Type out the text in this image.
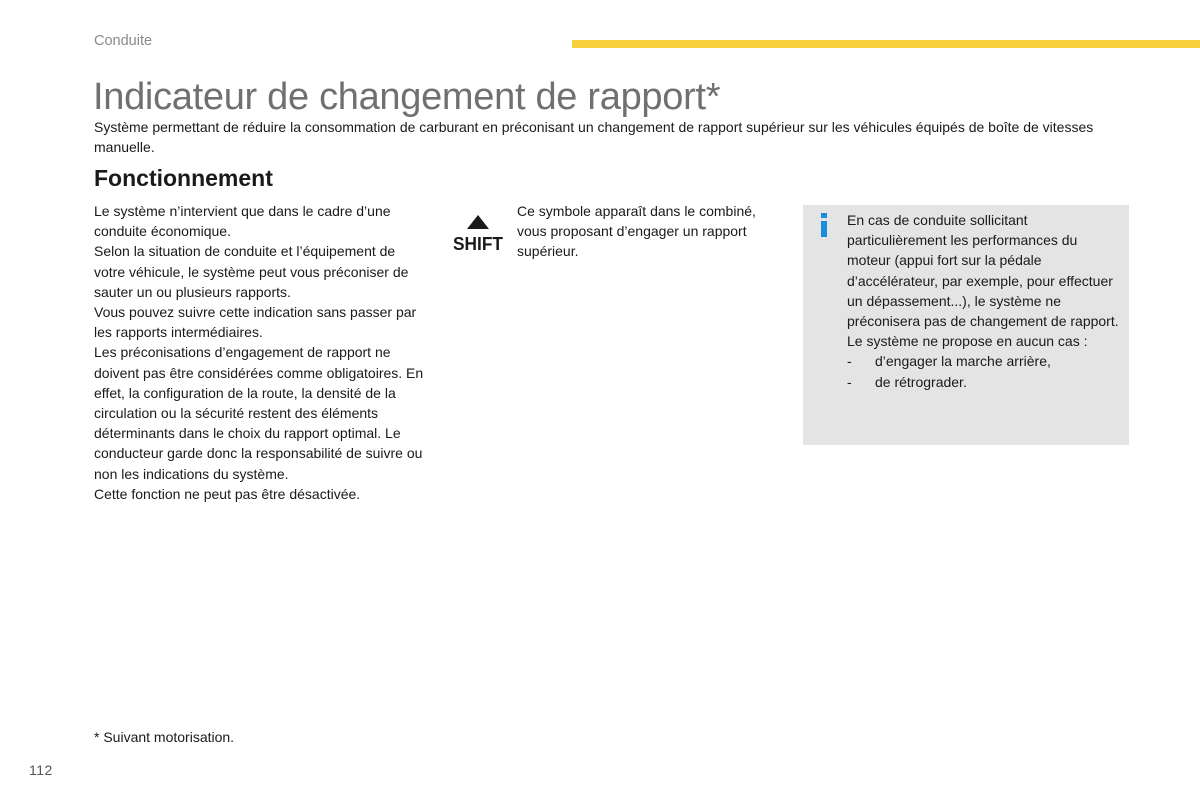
Conduite
Indicateur de changement de rapport*

Système permettant de réduire la consommation de carburant en préconisant un changement de rapport supérieur sur les véhicules équipés de boîte de vitesses manuelle.

Fonctionnement

Le système n’intervient que dans le cadre d’une conduite économique.

Selon la situation de conduite et l’équipement de votre véhicule, le système peut vous préconiser de sauter un ou plusieurs rapports.

Vous pouvez suivre cette indication sans passer par les rapports intermédiaires.

Les préconisations d’engagement de rapport ne doivent pas être considérées comme obligatoires. En effet, la configuration de la route, la densité de la circulation ou la sécurité restent des éléments déterminants dans le choix du rapport optimal. Le conducteur garde donc la responsabilité de suivre ou non les indications du système.

Cette fonction ne peut pas être désactivée.

SHIFT

Ce symbole apparaît dans le combiné, vous proposant d’engager un rapport supérieur.

En cas de conduite sollicitant particulièrement les performances du moteur (appui fort sur la pédale d’accélérateur, par exemple, pour effectuer un dépassement...), le système ne préconisera pas de changement de rapport.

Le système ne propose en aucun cas :

- d’engager la marche arrière,
- de rétrograder.

* Suivant motorisation.

112
